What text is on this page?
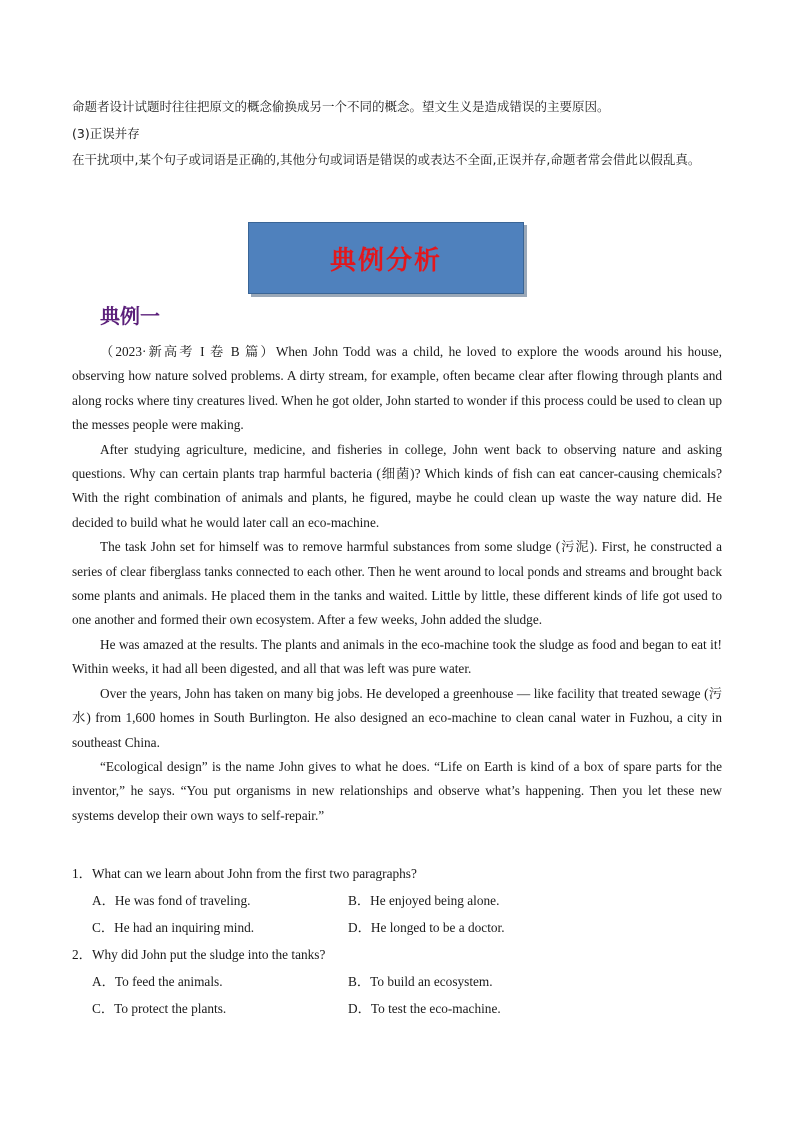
命题者设计试题时往往把原文的概念偷换成另一个不同的概念。望文生义是造成错误的主要原因。

(3)正误并存

在干扰项中,某个句子或词语是正确的,其他分句或词语是错误的或表达不全面,正误并存,命题者常会借此以假乱真。

典例分析
典例一

（2023·新高考 I 卷 B 篇）When John Todd was a child, he loved to explore the woods around his house, observing how nature solved problems. A dirty stream, for example, often became clear after flowing through plants and along rocks where tiny creatures lived. When he got older, John started to wonder if this process could be used to clean up the messes people were making.

After studying agriculture, medicine, and fisheries in college, John went back to observing nature and asking questions. Why can certain plants trap harmful bacteria (细菌)? Which kinds of fish can eat cancer-causing chemicals? With the right combination of animals and plants, he figured, maybe he could clean up waste the way nature did. He decided to build what he would later call an eco-machine.

The task John set for himself was to remove harmful substances from some sludge (污泥). First, he constructed a series of clear fiberglass tanks connected to each other. Then he went around to local ponds and streams and brought back some plants and animals. He placed them in the tanks and waited. Little by little, these different kinds of life got used to one another and formed their own ecosystem. After a few weeks, John added the sludge.

He was amazed at the results. The plants and animals in the eco-machine took the sludge as food and began to eat it! Within weeks, it had all been digested, and all that was left was pure water.

Over the years, John has taken on many big jobs. He developed a greenhouse — like facility that treated sewage (污水) from 1,600 homes in South Burlington. He also designed an eco-machine to clean canal water in Fuzhou, a city in southeast China.

“Ecological design” is the name John gives to what he does. “Life on Earth is kind of a box of spare parts for the inventor,” he says. “You put organisms in new relationships and observe what’s happening. Then you let these new systems develop their own ways to self-repair.”

1．What can we learn about John from the first two paragraphs?
A．He was fond of traveling.	B．He enjoyed being alone.
C．He had an inquiring mind.	D．He longed to be a doctor.
2．Why did John put the sludge into the tanks?
A．To feed the animals.	B．To build an ecosystem.
C．To protect the plants.	D．To test the eco-machine.
